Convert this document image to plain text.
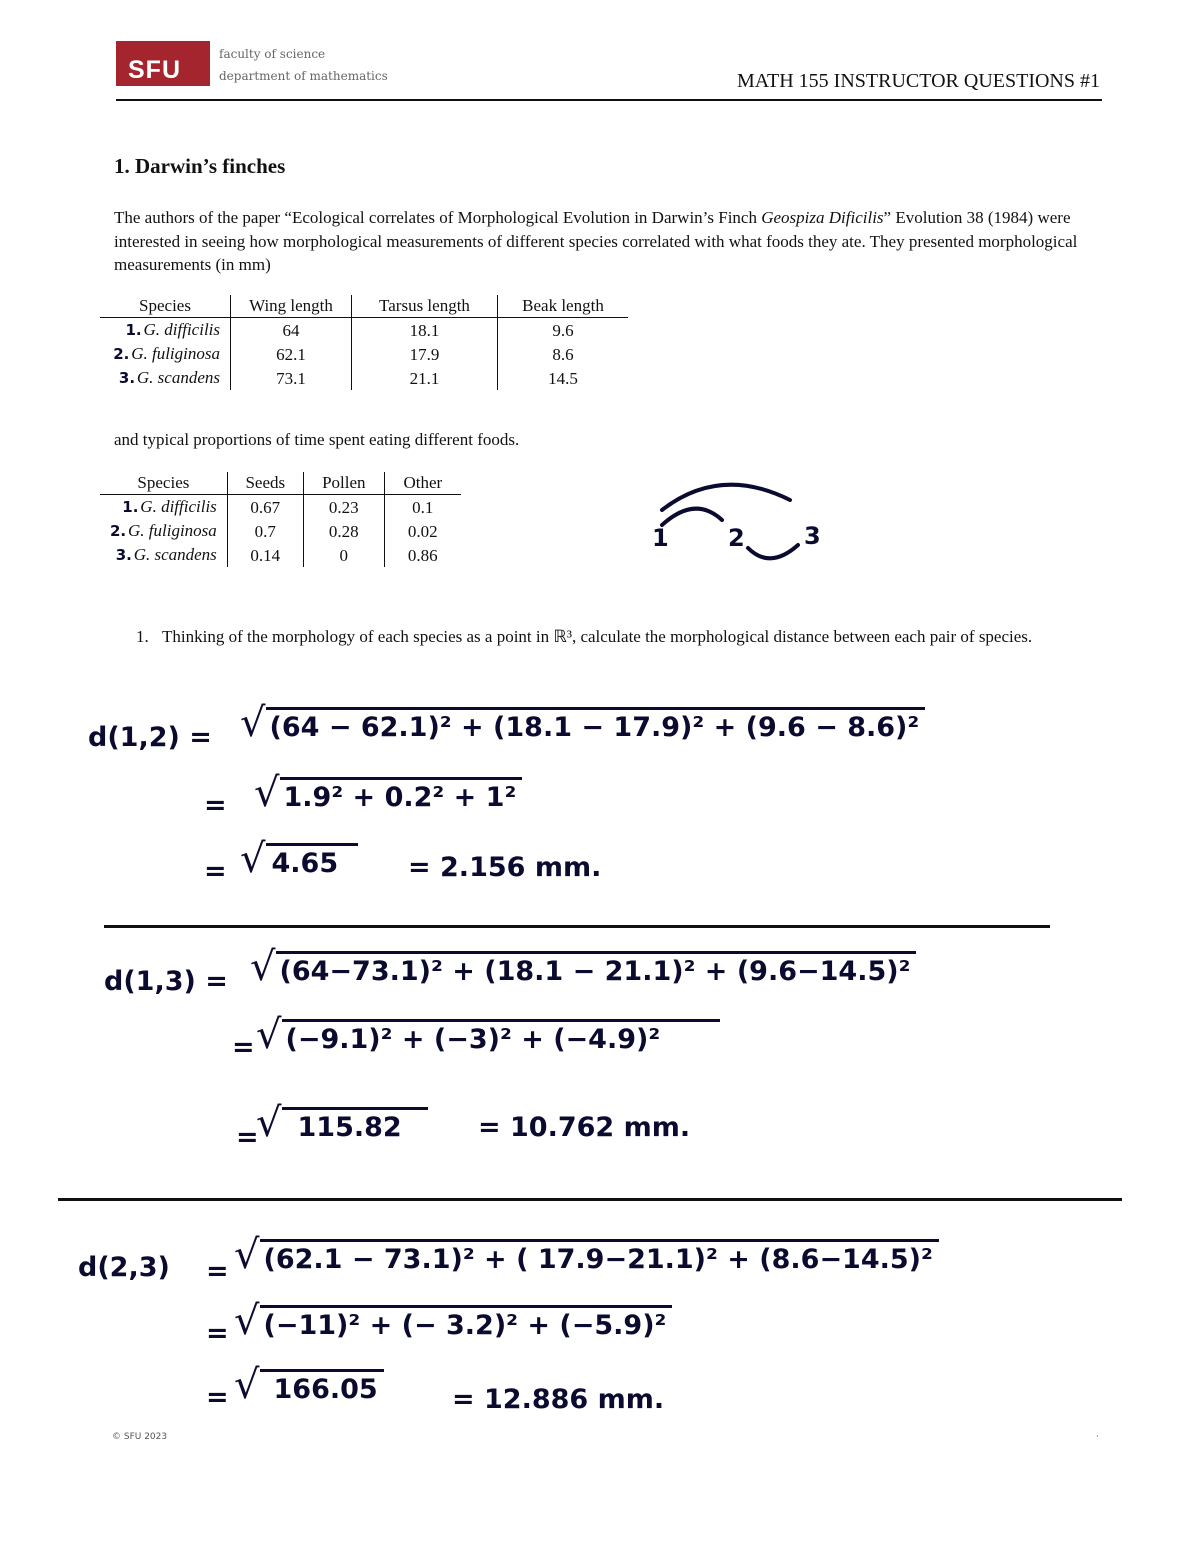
SFU
faculty of science
department of mathematics	MATH 155 INSTRUCTOR QUESTIONS #1
1. Darwin’s finches
The authors of the paper “Ecological correlates of Morphological Evolution in Darwin’s Finch Geospiza Dificilis” Evolution 38 (1984) were interested in seeing how morphological measurements of different species correlated with what foods they ate. They presented morphological measurements (in mm)
Species	Wing length	Tarsus length	Beak length
1. G. difficilis	64	18.1	9.6
2. G. fuliginosa	62.1	17.9	8.6
3. G. scandens	73.1	21.1	14.5
and typical proportions of time spent eating different foods.
Species	Seeds	Pollen	Other
1. G. difficilis	0.67	0.23	0.1
2. G. fuliginosa	0.7	0.28	0.02
3. G. scandens	0.14	0	0.86
1 2 3
1. Thinking of the morphology of each species as a point in ℝ³, calculate the morphological distance between each pair of species.
d(1,2) = √ (64 − 62.1)² + (18.1 − 17.9)² + (9.6 − 8.6)²
= √ 1.9² + 0.2² + 1²
= √ 4.65	= 2.156 mm.
d(1,3) = √ (64−73.1)² + (18.1 − 21.1)² + (9.6−14.5)²
= √ (−9.1)² + (−3)² + (−4.9)²
=
√ 115.82	= 10.762 mm.
d(2,3) = √ (62.1 − 73.1)² + ( 17.9−21.1)² + (8.6−14.5)²
= √ (−11)² + (− 3.2)² + (−5.9)²
= √ 166.05	= 12.886 mm.
© SFU 2023	·
